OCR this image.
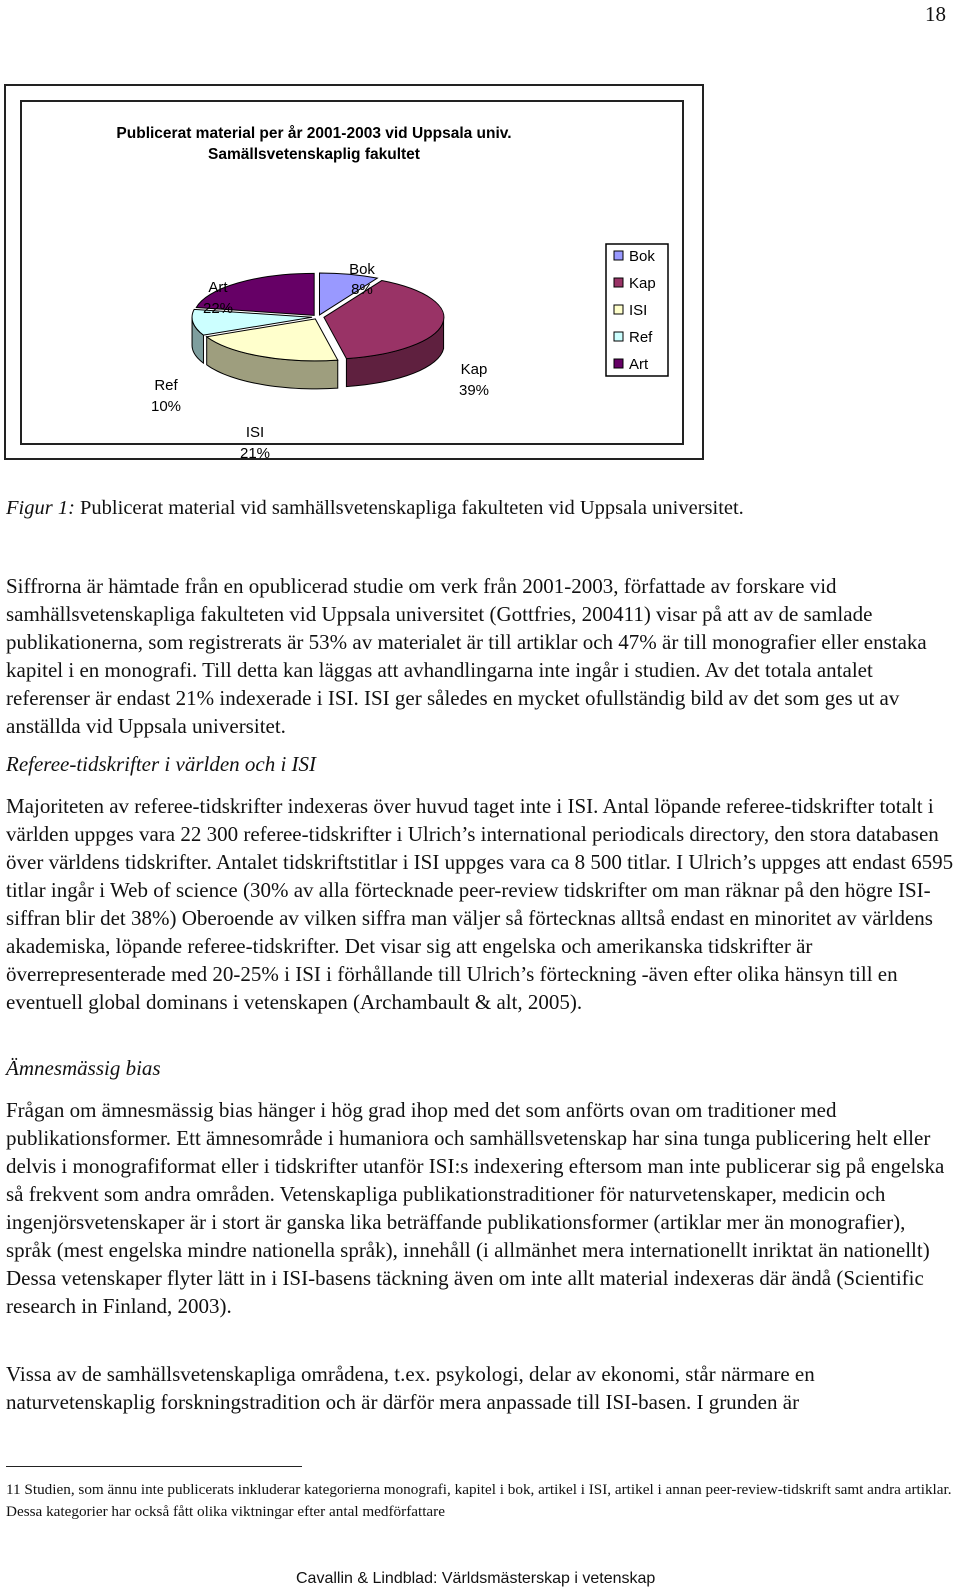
18
Publicerat material per år 2001-2003 vid Uppsala univ.
Samällsvetenskaplig fakultet
Bok
8%
Kap
39%
ISI
21%
Ref
10%
Art
22%
Bok
Kap
ISI
Ref
Art
Figur 1: Publicerat material vid samhällsvetenskapliga fakulteten vid Uppsala universitet.
Siffrorna är hämtade från en opublicerad studie om verk från 2001-2003, författade av forskare vid samhällsvetenskapliga fakulteten vid Uppsala universitet (Gottfries, 200411) visar på att av de samlade publikationerna, som registrerats är 53% av materialet är till artiklar och 47% är till monografier eller enstaka kapitel i en monografi. Till detta kan läggas att avhandlingarna inte ingår i studien. Av det totala antalet referenser är endast 21% indexerade i ISI. ISI ger således en mycket ofullständig bild av det som ges ut av anställda vid Uppsala universitet.
Referee-tidskrifter i världen och i ISI
Majoriteten av referee-tidskrifter indexeras över huvud taget inte i ISI. Antal löpande referee-tidskrifter totalt i världen uppges vara 22 300 referee-tidskrifter i Ulrich’s international periodicals directory, den stora databasen över världens tidskrifter. Antalet tidskriftstitlar i ISI uppges vara ca 8 500 titlar. I Ulrich’s uppges att endast 6595 titlar ingår i Web of science (30% av alla förtecknade peer-review tidskrifter om man räknar på den högre ISI-siffran blir det 38%) Oberoende av vilken siffra man väljer så förtecknas alltså endast en minoritet av världens akademiska, löpande referee-tidskrifter. Det visar sig att engelska och amerikanska tidskrifter är överrepresenterade med 20-25% i ISI i förhållande till Ulrich’s förteckning -även efter olika hänsyn till en eventuell global dominans i vetenskapen (Archambault & alt, 2005).
Ämnesmässig bias
Frågan om ämnesmässig bias hänger i hög grad ihop med det som anförts ovan om traditioner med publikationsformer. Ett ämnesområde i humaniora och samhällsvetenskap har sina tunga publicering helt eller delvis i monografiformat eller i tidskrifter utanför ISI:s indexering eftersom man inte publicerar sig på engelska så frekvent som andra områden. Vetenskapliga publikationstraditioner för naturvetenskaper, medicin och ingenjörsvetenskaper är i stort är ganska lika beträffande publikationsformer (artiklar mer än monografier), språk (mest engelska mindre nationella språk), innehåll (i allmänhet mera internationellt inriktat än nationellt) Dessa vetenskaper flyter lätt in i ISI-basens täckning även om inte allt material indexeras där ändå (Scientific research in Finland, 2003).
Vissa av de samhällsvetenskapliga områdena, t.ex. psykologi, delar av ekonomi, står närmare en naturvetenskaplig forskningstradition och är därför mera anpassade till ISI-basen. I grunden är
11 Studien, som ännu inte publicerats inkluderar kategorierna monografi, kapitel i bok, artikel i ISI, artikel i annan peer-review-tidskrift samt andra artiklar. Dessa kategorier har också fått olika viktningar efter antal medförfattare
Cavallin & Lindblad: Världsmästerskap i vetenskap
